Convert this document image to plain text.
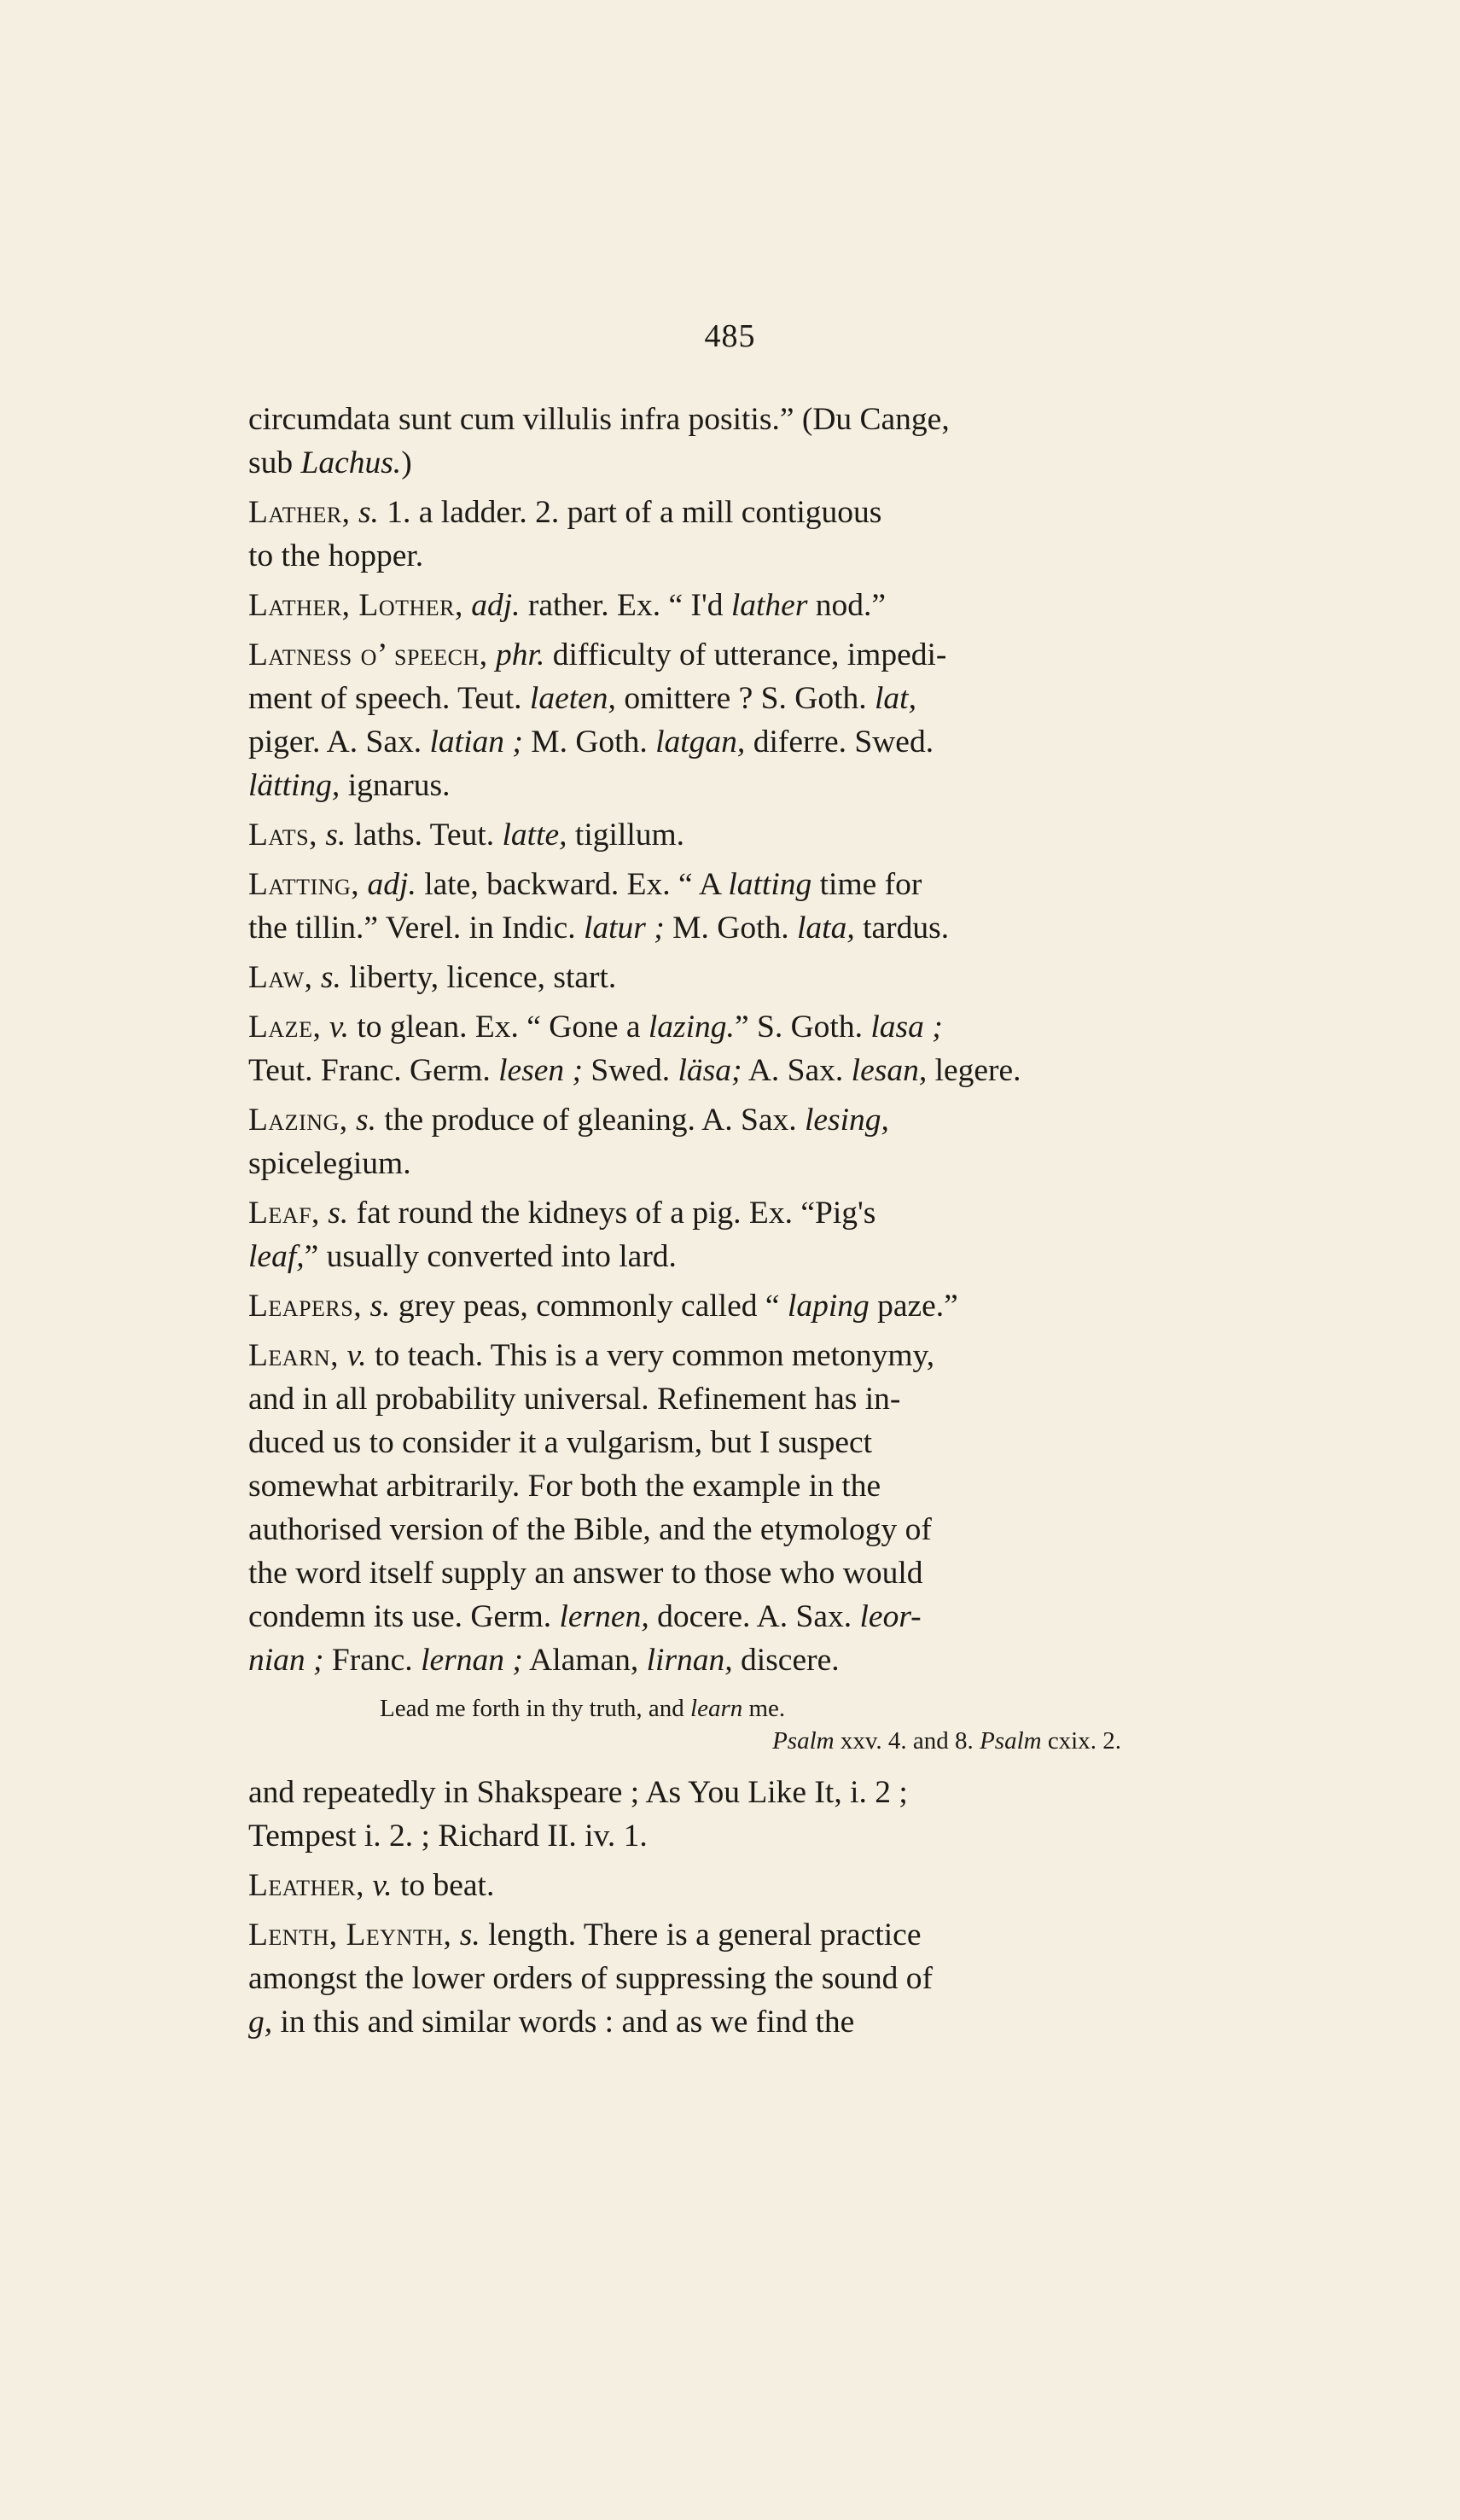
485
circumdata sunt cum villulis infra positis.” (Du Cange,
sub Lachus.)
Lather, s. 1. a ladder. 2. part of a mill contiguous
to the hopper.
Lather, Lother, adj. rather. Ex. “ I'd lather nod.”
Latness o’ speech, phr. difficulty of utterance, impedi-
ment of speech. Teut. laeten, omittere ? S. Goth. lat,
piger. A. Sax. latian ; M. Goth. latgan, diferre. Swed.
lätting, ignarus.
Lats, s. laths. Teut. latte, tigillum.
Latting, adj. late, backward. Ex. “ A latting time for
the tillin.” Verel. in Indic. latur ; M. Goth. lata, tardus.
Law, s. liberty, licence, start.
Laze, v. to glean. Ex. “ Gone a lazing.” S. Goth. lasa ;
Teut. Franc. Germ. lesen ; Swed. läsa; A. Sax. lesan, legere.
Lazing, s. the produce of gleaning. A. Sax. lesing,
spicelegium.
Leaf, s. fat round the kidneys of a pig. Ex. “Pig's
leaf,” usually converted into lard.
Leapers, s. grey peas, commonly called “ laping paze.”
Learn, v. to teach. This is a very common metonymy,
and in all probability universal. Refinement has in-
duced us to consider it a vulgarism, but I suspect
somewhat arbitrarily. For both the example in the
authorised version of the Bible, and the etymology of
the word itself supply an answer to those who would
condemn its use. Germ. lernen, docere. A. Sax. leor-
nian ; Franc. lernan ; Alaman, lirnan, discere.
Lead me forth in thy truth, and learn me.
Psalm xxv. 4. and 8. Psalm cxix. 2.
and repeatedly in Shakspeare ; As You Like It, i. 2 ;
Tempest i. 2. ; Richard II. iv. 1.
Leather, v. to beat.
Lenth, Leynth, s. length. There is a general practice
amongst the lower orders of suppressing the sound of
g, in this and similar words : and as we find the
